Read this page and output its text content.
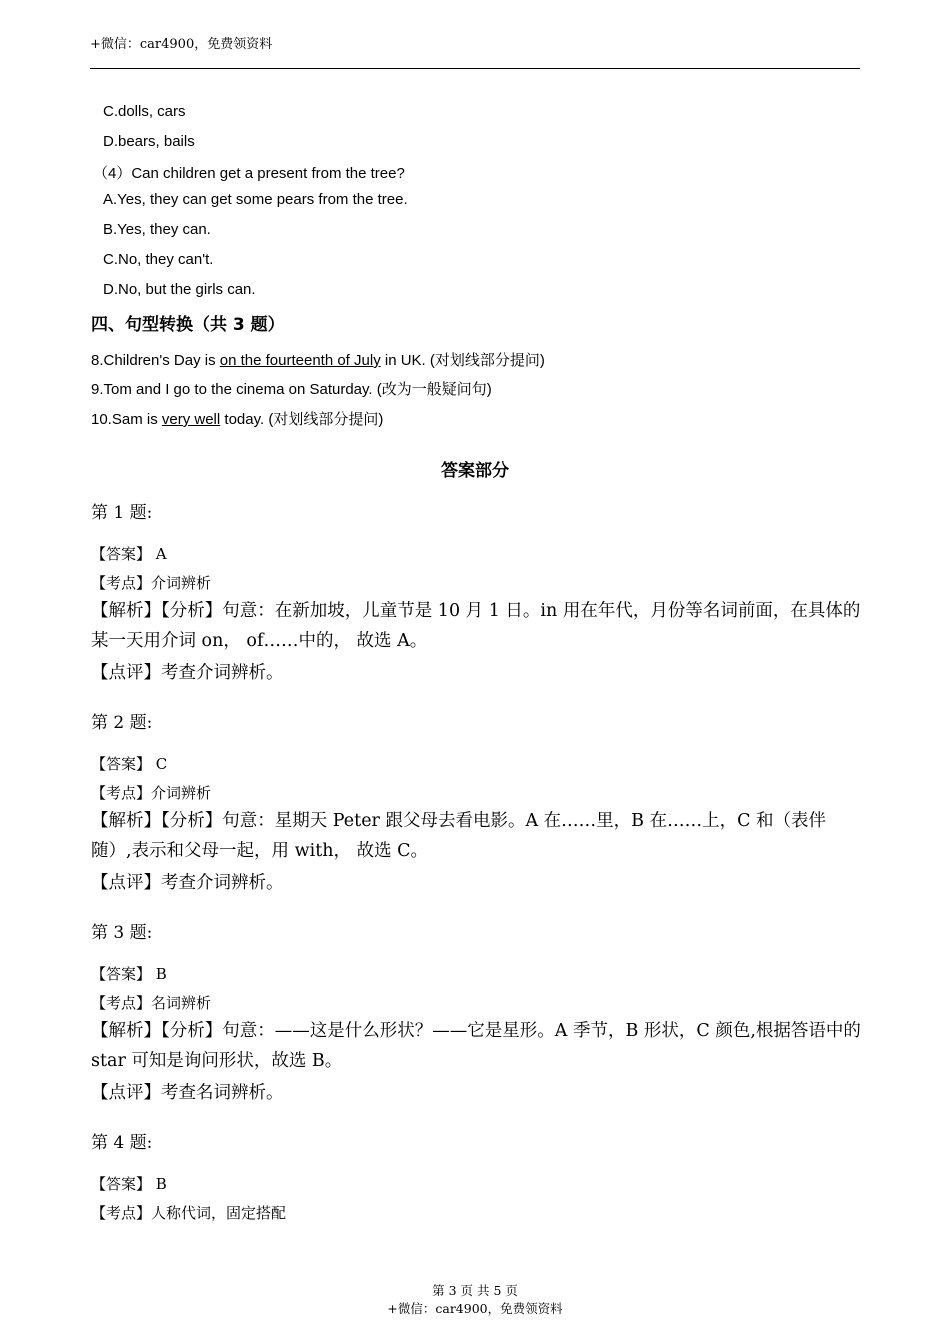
+微信：car4900，免费领资料
C.dolls, cars
D.bears, bails
（4）Can children get a present from the tree?
A.Yes, they can get some pears from the tree.
B.Yes, they can.
C.No, they can't.
D.No, but the girls can.
四、句型转换（共 3 题）
8.Children's Day is on the fourteenth of July in UK. (对划线部分提问)
9.Tom and I go to the cinema on Saturday. (改为一般疑问句)
10.Sam is very well today. (对划线部分提问)
答案部分
第 1 题:
【答案】 A
【考点】介词辨析
【解析】【分析】句意：在新加坡，儿童节是 10 月 1 日。in 用在年代，月份等名词前面，在具体的某一天用介词 on， of……中的， 故选 A。
【点评】考查介词辨析。
第 2 题:
【答案】 C
【考点】介词辨析
【解析】【分析】句意：星期天 Peter 跟父母去看电影。A 在……里，B 在……上，C 和（表伴随）,表示和父母一起，用 with， 故选 C。
【点评】考查介词辨析。
第 3 题:
【答案】 B
【考点】名词辨析
【解析】【分析】句意：——这是什么形状？——它是星形。A 季节，B 形状，C 颜色,根据答语中的 star 可知是询问形状，故选 B。
【点评】考查名词辨析。
第 4 题:
【答案】 B
【考点】人称代词，固定搭配
第 3 页 共 5 页
+微信：car4900，免费领资料
